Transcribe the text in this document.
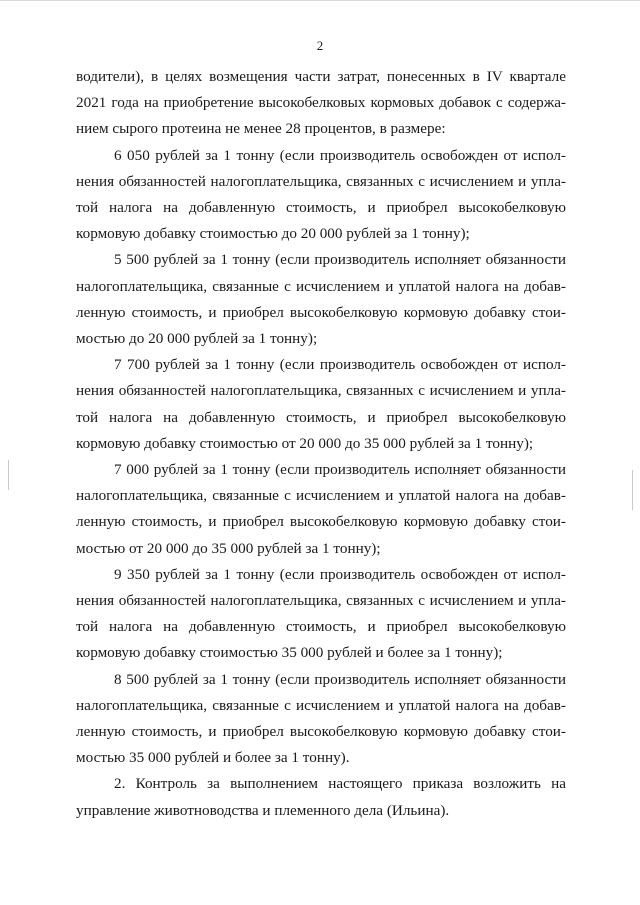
2
водители), в целях возмещения части затрат, понесенных в IV квартале
2021 года на приобретение высокобелковых кормовых добавок с содержа-
нием сырого протеина не менее 28 процентов, в размере:
6 050 рублей за 1 тонну (если производитель освобожден от испол-
нения обязанностей налогоплательщика, связанных с исчислением и упла-
той налога на добавленную стоимость, и приобрел высокобелковую
кормовую добавку стоимостью до 20 000 рублей за 1 тонну);
5 500 рублей за 1 тонну (если производитель исполняет обязанности
налогоплательщика, связанные с исчислением и уплатой налога на добав-
ленную стоимость, и приобрел высокобелковую кормовую добавку стои-
мостью до 20 000 рублей за 1 тонну);
7 700 рублей за 1 тонну (если производитель освобожден от испол-
нения обязанностей налогоплательщика, связанных с исчислением и упла-
той налога на добавленную стоимость, и приобрел высокобелковую
кормовую добавку стоимостью от 20 000 до 35 000 рублей за 1 тонну);
7 000 рублей за 1 тонну (если производитель исполняет обязанности
налогоплательщика, связанные с исчислением и уплатой налога на добав-
ленную стоимость, и приобрел высокобелковую кормовую добавку стои-
мостью от 20 000 до 35 000 рублей за 1 тонну);
9 350 рублей за 1 тонну (если производитель освобожден от испол-
нения обязанностей налогоплательщика, связанных с исчислением и упла-
той налога на добавленную стоимость, и приобрел высокобелковую
кормовую добавку стоимостью 35 000 рублей и более за 1 тонну);
8 500 рублей за 1 тонну (если производитель исполняет обязанности
налогоплательщика, связанные с исчислением и уплатой налога на добав-
ленную стоимость, и приобрел высокобелковую кормовую добавку стои-
мостью 35 000 рублей и более за 1 тонну).
2. Контроль за выполнением настоящего приказа возложить на
управление животноводства и племенного дела (Ильина).
